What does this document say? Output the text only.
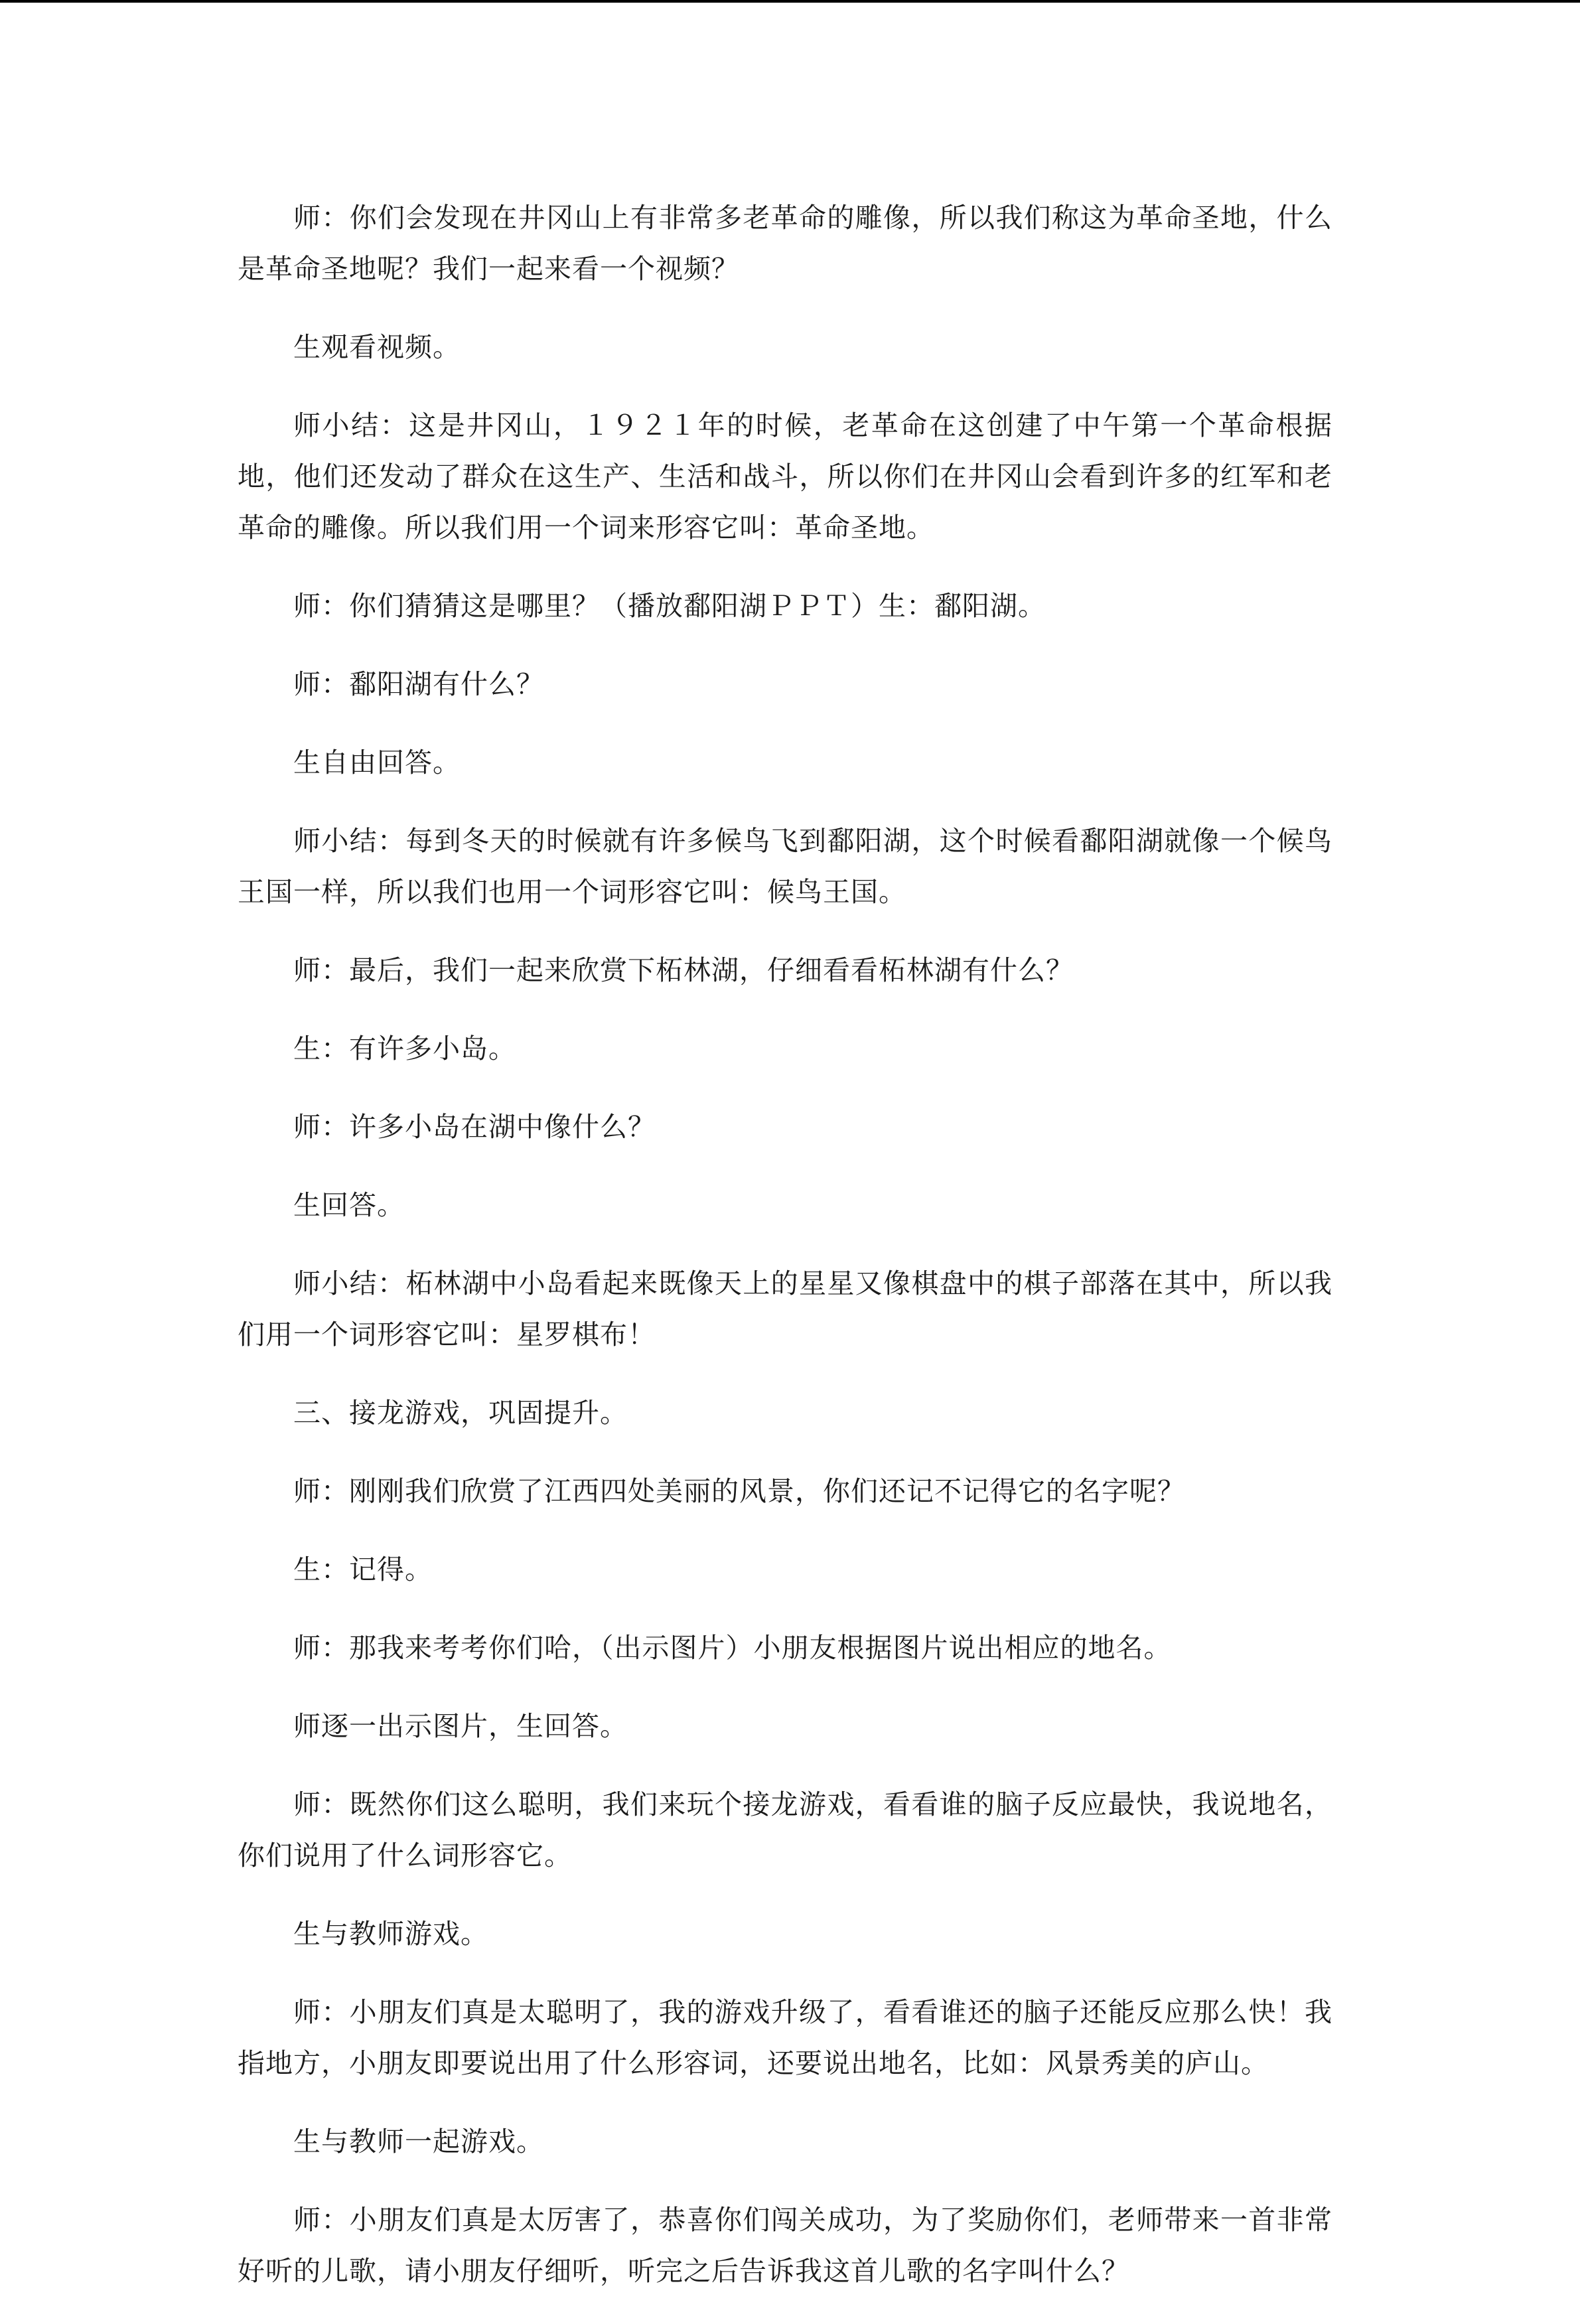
师：你们会发现在井冈山上有非常多老革命的雕像，所以我们称这为革命圣地，什么是革命圣地呢？我们一起来看一个视频？

生观看视频。

师小结：这是井冈山，１９２１年的时候，老革命在这创建了中午第一个革命根据地，他们还发动了群众在这生产、生活和战斗，所以你们在井冈山会看到许多的红军和老革命的雕像。所以我们用一个词来形容它叫：革命圣地。

师：你们猜猜这是哪里？（播放鄱阳湖ＰＰＴ）生：鄱阳湖。

师：鄱阳湖有什么？

生自由回答。

师小结：每到冬天的时候就有许多候鸟飞到鄱阳湖，这个时候看鄱阳湖就像一个候鸟王国一样，所以我们也用一个词形容它叫：候鸟王国。

师：最后，我们一起来欣赏下柘林湖，仔细看看柘林湖有什么？

生：有许多小岛。

师：许多小岛在湖中像什么？

生回答。

师小结：柘林湖中小岛看起来既像天上的星星又像棋盘中的棋子部落在其中，所以我们用一个词形容它叫：星罗棋布！

三、接龙游戏，巩固提升。

师：刚刚我们欣赏了江西四处美丽的风景，你们还记不记得它的名字呢？

生：记得。

师：那我来考考你们哈，（出示图片）小朋友根据图片说出相应的地名。

师逐一出示图片，生回答。

师：既然你们这么聪明，我们来玩个接龙游戏，看看谁的脑子反应最快，我说地名，你们说用了什么词形容它。

生与教师游戏。

师：小朋友们真是太聪明了，我的游戏升级了，看看谁还的脑子还能反应那么快！我指地方，小朋友即要说出用了什么形容词，还要说出地名，比如：风景秀美的庐山。

生与教师一起游戏。

师：小朋友们真是太厉害了，恭喜你们闯关成功，为了奖励你们，老师带来一首非常好听的儿歌，请小朋友仔细听，听完之后告诉我这首儿歌的名字叫什么？
